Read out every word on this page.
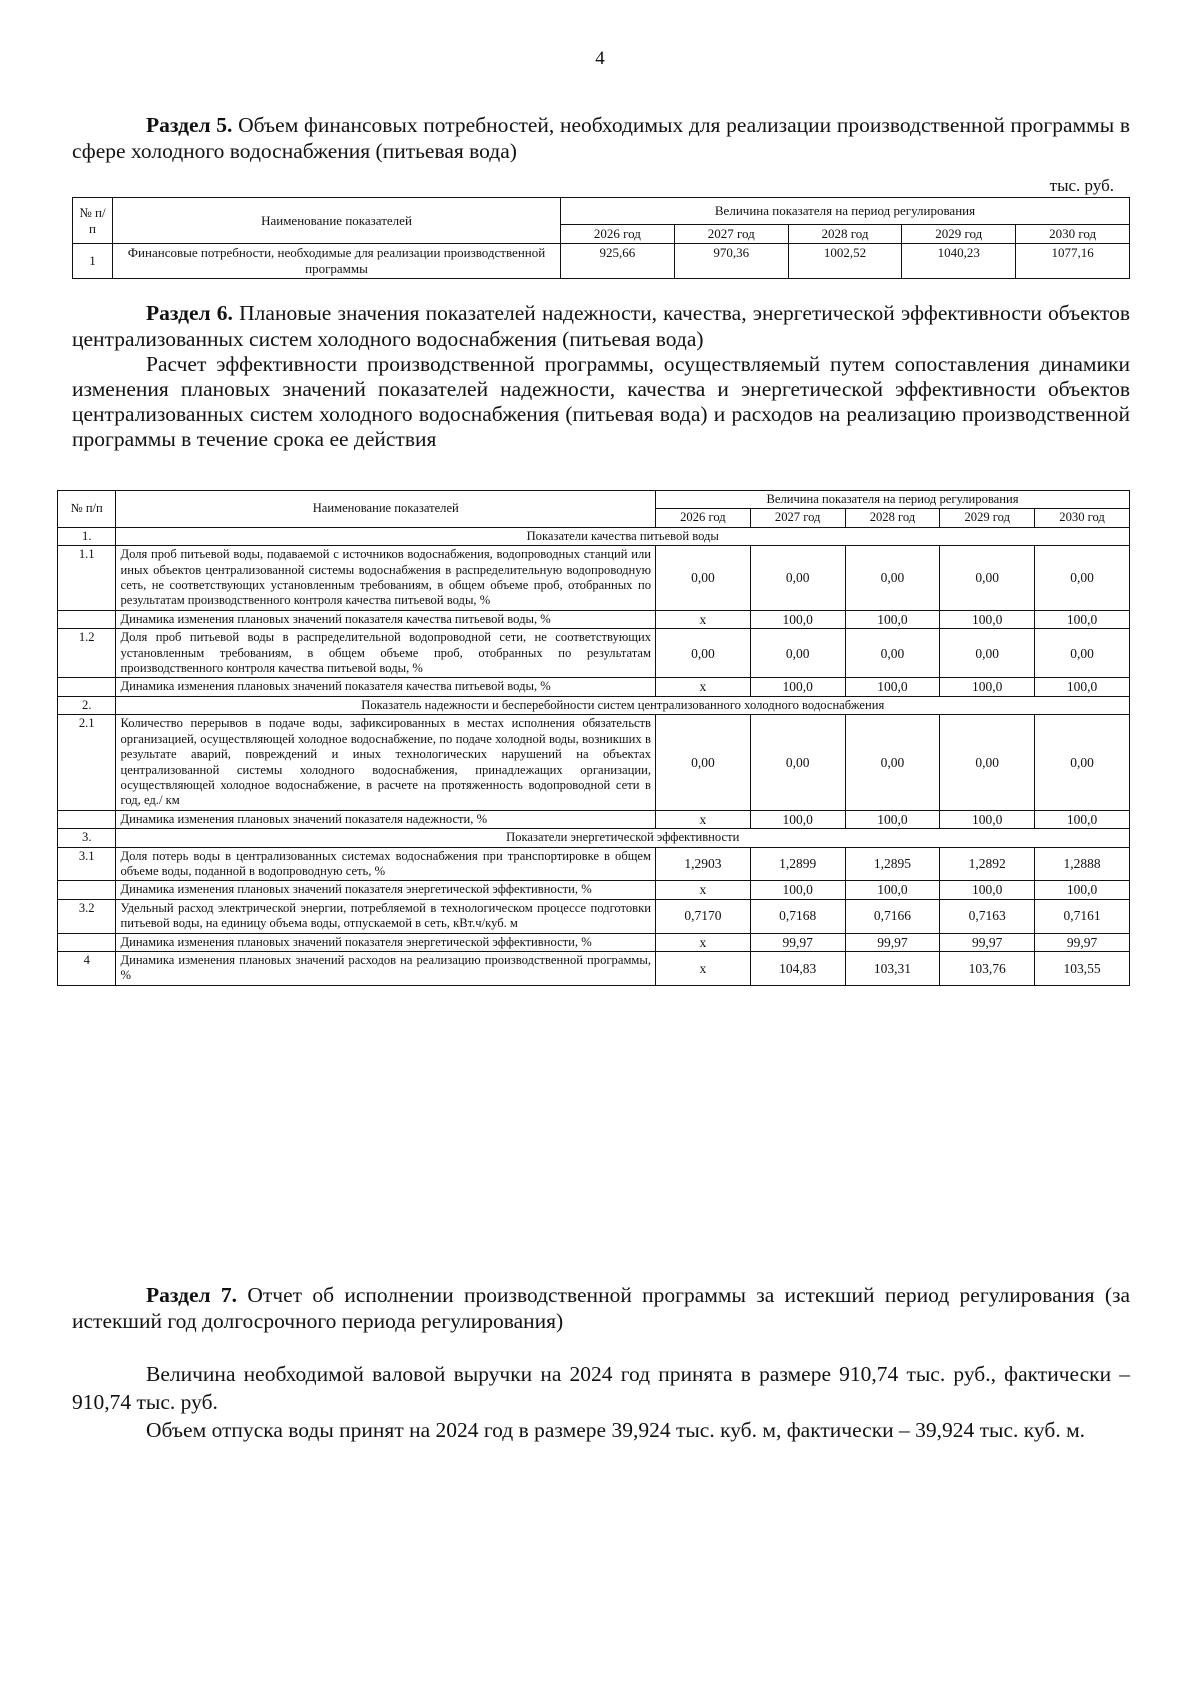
4
Раздел 5. Объем финансовых потребностей, необходимых для реализации производственной программы в сфере холодного водоснабжения (питьевая вода)
тыс. руб.
№ п/п	Наименование показателей	Величина показателя на период регулирования				
		2026 год	2027 год	2028 год	2029 год	2030 год
1	Финансовые потребности, необходимые для реализации производственной программы	925,66	970,36	1002,52	1040,23	1077,16
Раздел 6. Плановые значения показателей надежности, качества, энергетической эффективности объектов централизованных систем холодного водоснабжения (питьевая вода)
Расчет эффективности производственной программы, осуществляемый путем сопоставления динамики изменения плановых значений показателей надежности, качества и энергетической эффективности объектов централизованных систем холодного водоснабжения (питьевая вода) и расходов на реализацию производственной программы в течение срока ее действия
№ п/п	Наименование показателей	Величина показателя на период регулирования				
		2026 год	2027 год	2028 год	2029 год	2030 год
1.	Показатели качества питьевой воды					
1.1	Доля проб питьевой воды, подаваемой с источников водоснабжения, водопроводных станций или иных объектов централизованной системы водоснабжения в распределительную водопроводную сеть, не соответствующих установленным требованиям, в общем объеме проб, отобранных по результатам производственного контроля качества питьевой воды, %	0,00	0,00	0,00	0,00	0,00
	Динамика изменения плановых значений показателя качества питьевой воды, %	x	100,0	100,0	100,0	100,0
1.2	Доля проб питьевой воды в распределительной водопроводной сети, не соответствующих установленным требованиям, в общем объеме проб, отобранных по результатам производственного контроля качества питьевой воды, %	0,00	0,00	0,00	0,00	0,00
	Динамика изменения плановых значений показателя качества питьевой воды, %	x	100,0	100,0	100,0	100,0
2.	Показатель надежности и бесперебойности систем централизованного холодного водоснабжения					
2.1	Количество перерывов в подаче воды, зафиксированных в местах исполнения обязательств организацией, осуществляющей холодное водоснабжение, по подаче холодной воды, возникших в результате аварий, повреждений и иных технологических нарушений на объектах централизованной системы холодного водоснабжения, принадлежащих организации, осуществляющей холодное водоснабжение, в расчете на протяженность водопроводной сети в год, ед./ км	0,00	0,00	0,00	0,00	0,00
	Динамика изменения плановых значений показателя надежности, %	x	100,0	100,0	100,0	100,0
3.	Показатели энергетической эффективности					
3.1	Доля потерь воды в централизованных системах водоснабжения при транспортировке в общем объеме воды, поданной в водопроводную сеть, %	1,2903	1,2899	1,2895	1,2892	1,2888
	Динамика изменения плановых значений показателя энергетической эффективности, %	x	100,0	100,0	100,0	100,0
3.2	Удельный расход электрической энергии, потребляемой в технологическом процессе подготовки питьевой воды, на единицу объема воды, отпускаемой в сеть, кВт.ч/куб. м	0,7170	0,7168	0,7166	0,7163	0,7161
	Динамика изменения плановых значений показателя энергетической эффективности, %	x	99,97	99,97	99,97	99,97
4	Динамика изменения плановых значений расходов на реализацию производственной программы, %	x	104,83	103,31	103,76	103,55
Раздел 7. Отчет об исполнении производственной программы за истекший период регулирования (за истекший год долгосрочного периода регулирования)
Величина необходимой валовой выручки на 2024 год принята в размере 910,74 тыс. руб., фактически – 910,74 тыс. руб.
Объем отпуска воды принят на 2024 год в размере 39,924 тыс. куб. м, фактически – 39,924 тыс. куб. м.
